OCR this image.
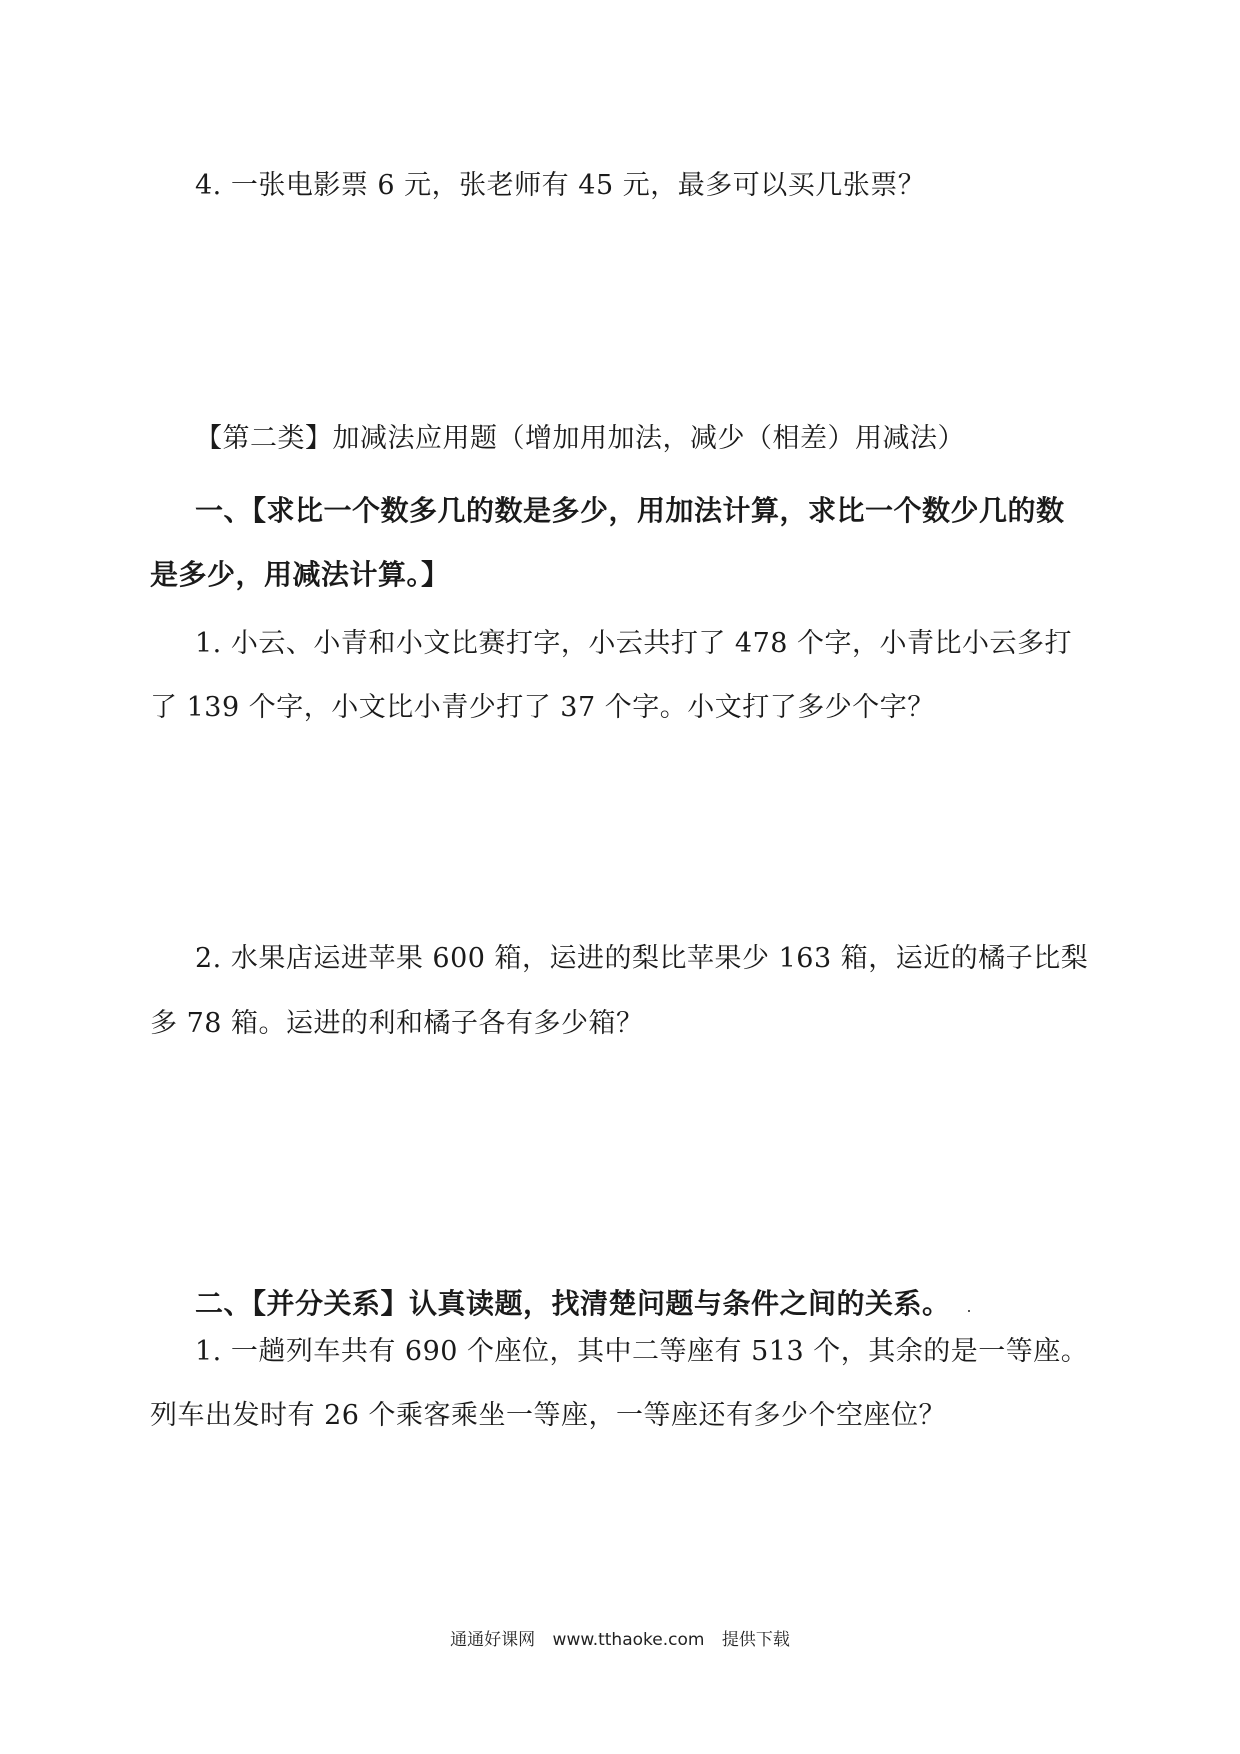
4. 一张电影票 6 元，张老师有 45 元，最多可以买几张票？
【第二类】加减法应用题（增加用加法，减少（相差）用减法）
一、【求比一个数多几的数是多少，用加法计算，求比一个数少几的数
是多少，用减法计算。】
1. 小云、小青和小文比赛打字，小云共打了 478 个字，小青比小云多打
了 139 个字，小文比小青少打了 37 个字。小文打了多少个字？
2. 水果店运进苹果 600 箱，运进的梨比苹果少 163 箱，运近的橘子比梨
多 78 箱。运进的利和橘子各有多少箱？
二、【并分关系】认真读题，找清楚问题与条件之间的关系。
1. 一趟列车共有 690 个座位，其中二等座有 513 个，其余的是一等座。
列车出发时有 26 个乘客乘坐一等座，一等座还有多少个空座位？
通通好课网 www.tthaoke.com 提供下载
